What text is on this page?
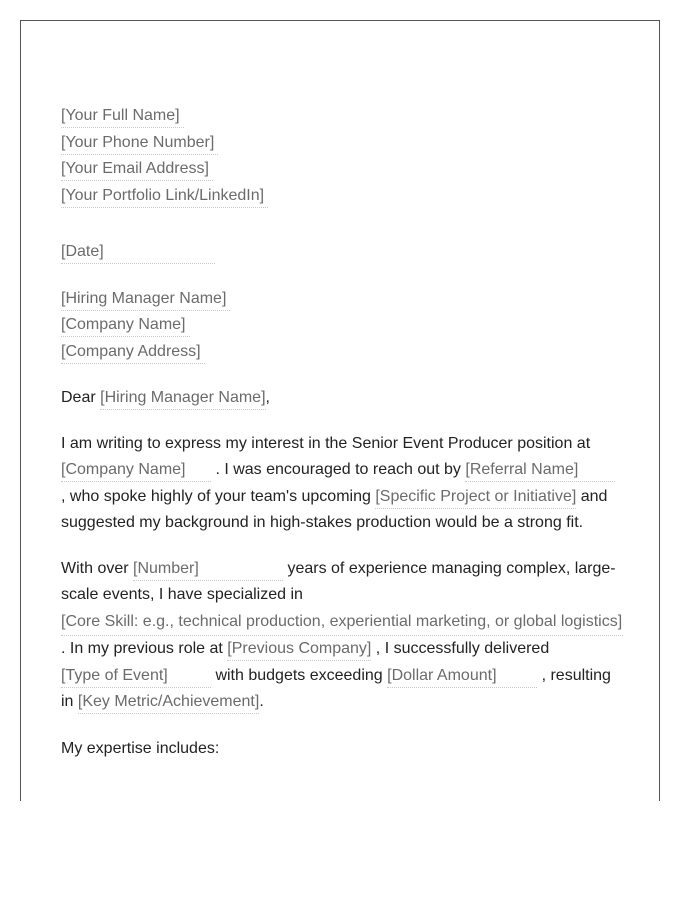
[Your Full Name]
[Your Phone Number]
[Your Email Address]
[Your Portfolio Link/LinkedIn]
[Date]
[Hiring Manager Name]
[Company Name]
[Company Address]

Dear [Hiring Manager Name],

I am writing to express my interest in the Senior Event Producer position at [Company Name] . I was encouraged to reach out by [Referral Name] , who spoke highly of your team's upcoming [Specific Project or Initiative] and suggested my background in high-stakes production would be a strong fit.

With over [Number]	years of experience managing complex, large-scale events, I have specialized in
[Core Skill: e.g., technical production, experiential marketing, or global logistics]
. In my previous role at [Previous Company] , I successfully delivered [Type of Event]	with budgets exceeding [Dollar Amount]	, resulting in [Key Metric/Achievement].

My expertise includes:
